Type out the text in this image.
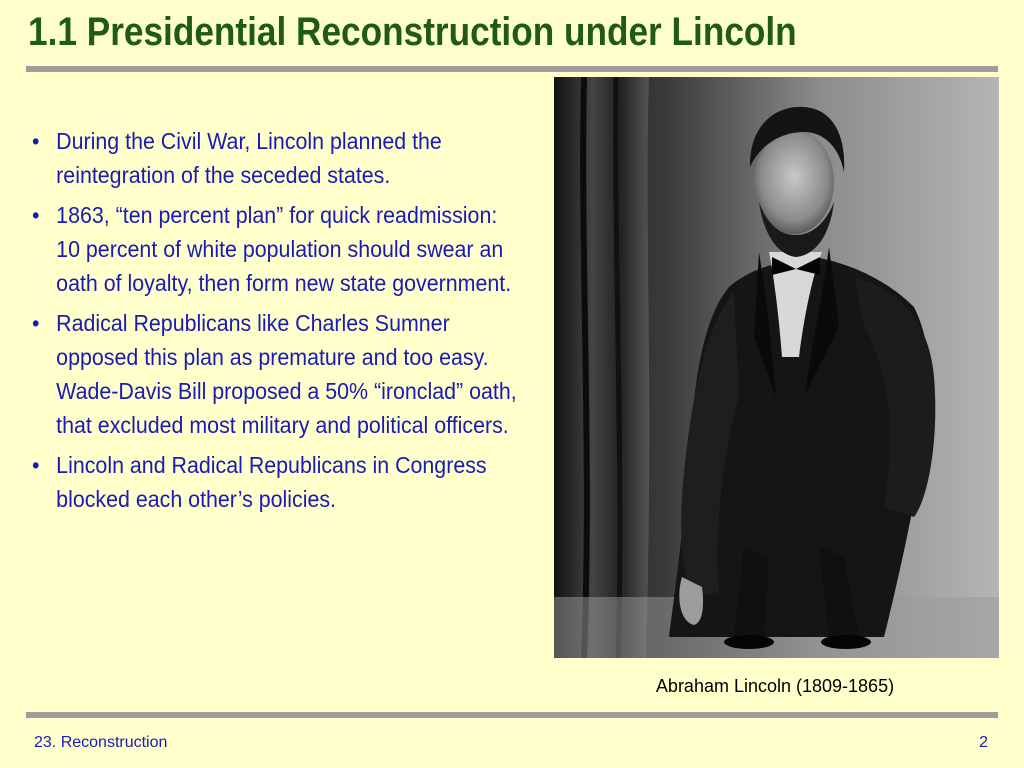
1.1 Presidential Reconstruction under Lincoln
• During the Civil War, Lincoln planned the reintegration of the seceded states.
• 1863, “ten percent plan” for quick readmission: 10 percent of white population should swear an oath of loyalty, then form new state government.
• Radical Republicans like Charles Sumner opposed this plan as premature and too easy. Wade-Davis Bill proposed a 50% “ironclad” oath, that excluded most military and political officers.
• Lincoln and Radical Republicans in Congress blocked each other’s policies.
Abraham Lincoln (1809-1865)
23. Reconstruction	2
